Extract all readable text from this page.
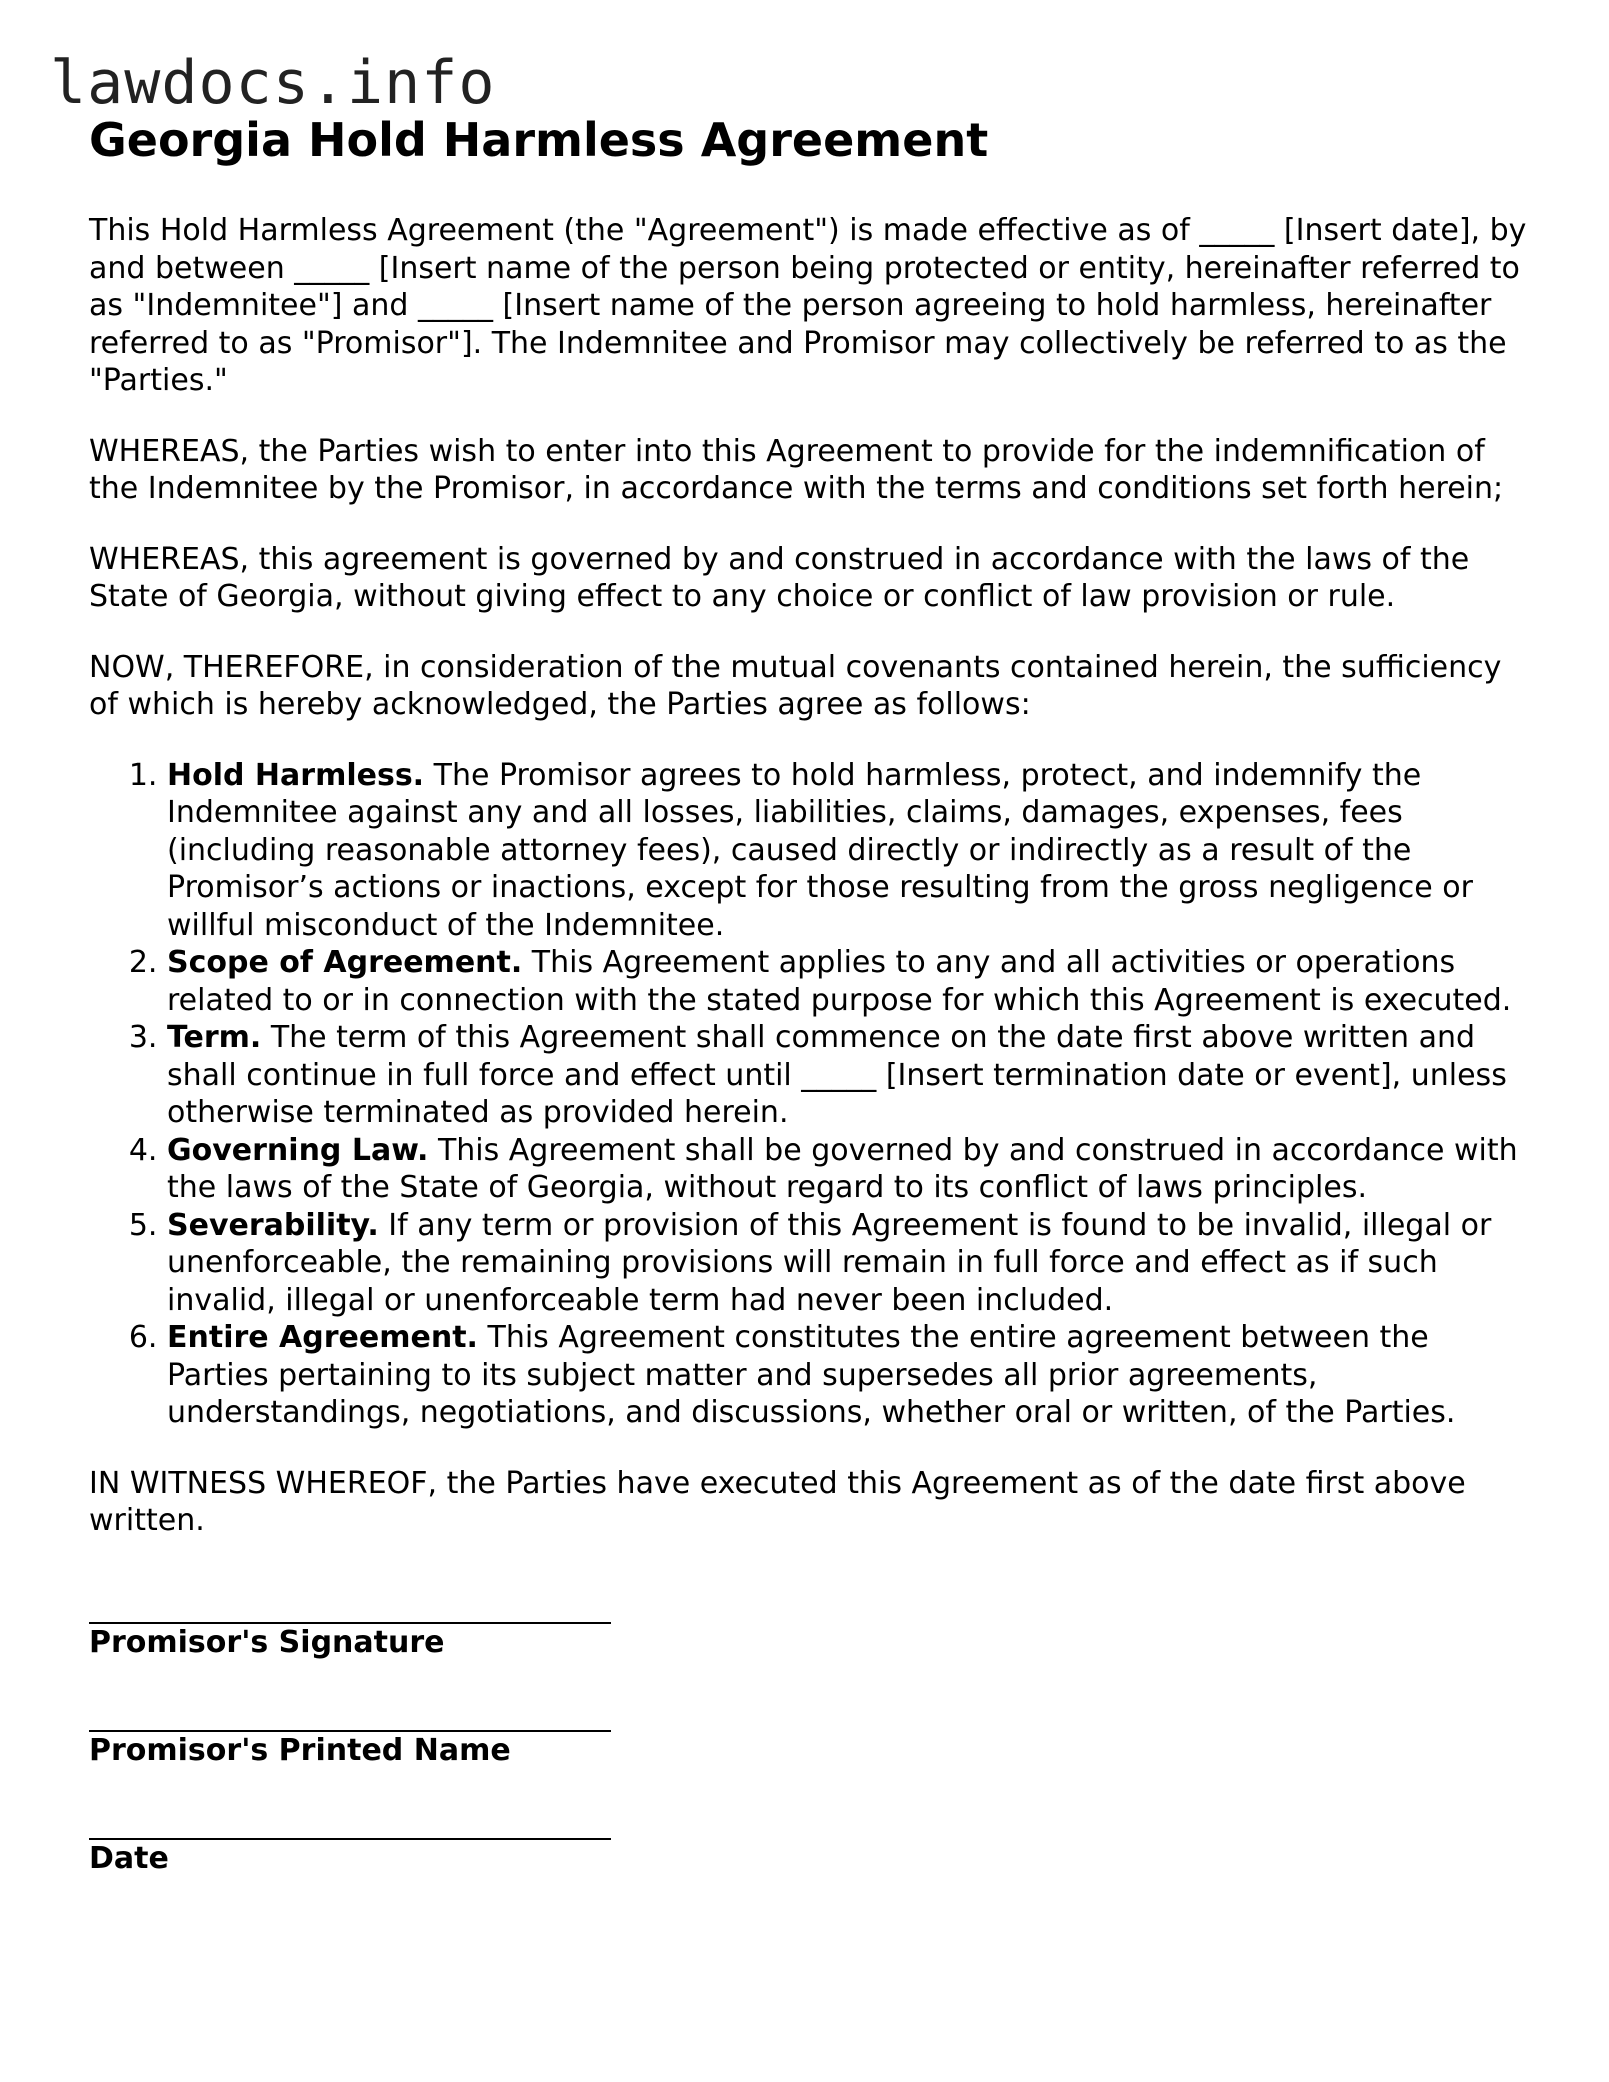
lawdocs.info
Georgia Hold Harmless Agreement

This Hold Harmless Agreement (the "Agreement") is made effective as of _____ [Insert date], by and between _____ [Insert name of the person being protected or entity, hereinafter referred to as "Indemnitee"] and _____ [Insert name of the person agreeing to hold harmless, hereinafter referred to as "Promisor"]. The Indemnitee and Promisor may collectively be referred to as the "Parties."

WHEREAS, the Parties wish to enter into this Agreement to provide for the indemnification of the Indemnitee by the Promisor, in accordance with the terms and conditions set forth herein;

WHEREAS, this agreement is governed by and construed in accordance with the laws of the State of Georgia, without giving effect to any choice or conflict of law provision or rule.

NOW, THEREFORE, in consideration of the mutual covenants contained herein, the sufficiency of which is hereby acknowledged, the Parties agree as follows:

1. Hold Harmless. The Promisor agrees to hold harmless, protect, and indemnify the Indemnitee against any and all losses, liabilities, claims, damages, expenses, fees (including reasonable attorney fees), caused directly or indirectly as a result of the Promisor’s actions or inactions, except for those resulting from the gross negligence or willful misconduct of the Indemnitee.
2. Scope of Agreement. This Agreement applies to any and all activities or operations related to or in connection with the stated purpose for which this Agreement is executed.
3. Term. The term of this Agreement shall commence on the date first above written and shall continue in full force and effect until _____ [Insert termination date or event], unless otherwise terminated as provided herein.
4. Governing Law. This Agreement shall be governed by and construed in accordance with the laws of the State of Georgia, without regard to its conflict of laws principles.
5. Severability. If any term or provision of this Agreement is found to be invalid, illegal or unenforceable, the remaining provisions will remain in full force and effect as if such invalid, illegal or unenforceable term had never been included.
6. Entire Agreement. This Agreement constitutes the entire agreement between the Parties pertaining to its subject matter and supersedes all prior agreements, understandings, negotiations, and discussions, whether oral or written, of the Parties.

IN WITNESS WHEREOF, the Parties have executed this Agreement as of the date first above written.

Promisor's Signature
Promisor's Printed Name
Date
